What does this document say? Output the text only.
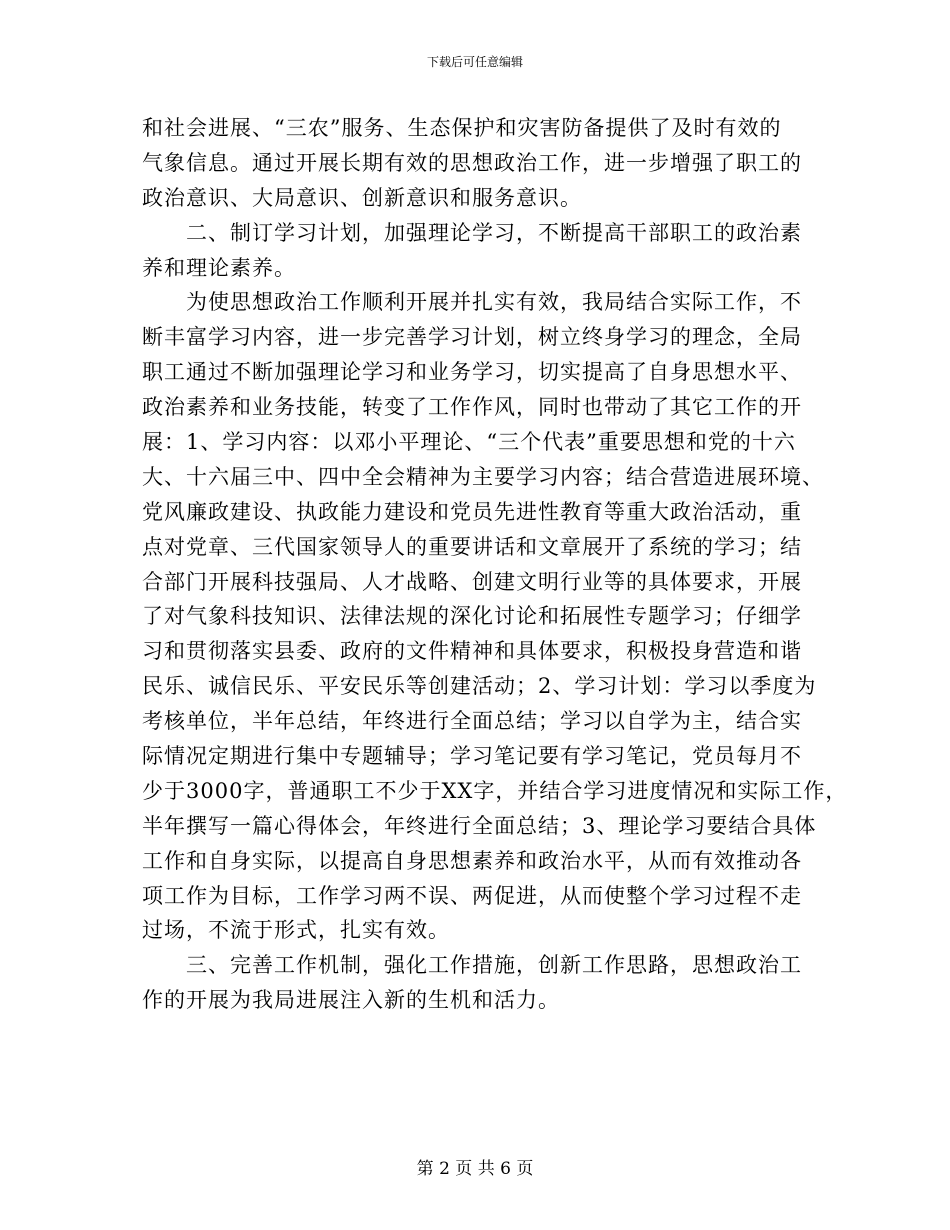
下载后可任意编辑
和社会进展、“三农”服务、生态保护和灾害防备提供了及时有效的
气象信息。通过开展长期有效的思想政治工作，进一步增强了职工的
政治意识、大局意识、创新意识和服务意识。
　　二、制订学习计划，加强理论学习，不断提高干部职工的政治素
养和理论素养。
　　为使思想政治工作顺利开展并扎实有效，我局结合实际工作，不
断丰富学习内容，进一步完善学习计划，树立终身学习的理念，全局
职工通过不断加强理论学习和业务学习，切实提高了自身思想水平、
政治素养和业务技能，转变了工作作风，同时也带动了其它工作的开
展：1、学习内容：以邓小平理论、“三个代表”重要思想和党的十六
大、十六届三中、四中全会精神为主要学习内容；结合营造进展环境、
党风廉政建设、执政能力建设和党员先进性教育等重大政治活动，重
点对党章、三代国家领导人的重要讲话和文章展开了系统的学习；结
合部门开展科技强局、人才战略、创建文明行业等的具体要求，开展
了对气象科技知识、法律法规的深化讨论和拓展性专题学习；仔细学
习和贯彻落实县委、政府的文件精神和具体要求，积极投身营造和谐
民乐、诚信民乐、平安民乐等创建活动；2、学习计划：学习以季度为
考核单位，半年总结，年终进行全面总结；学习以自学为主，结合实
际情况定期进行集中专题辅导；学习笔记要有学习笔记，党员每月不
少于3000字，普通职工不少于XX字，并结合学习进度情况和实际工作，
半年撰写一篇心得体会，年终进行全面总结；3、理论学习要结合具体
工作和自身实际，以提高自身思想素养和政治水平，从而有效推动各
项工作为目标，工作学习两不误、两促进，从而使整个学习过程不走
过场，不流于形式，扎实有效。
　　三、完善工作机制，强化工作措施，创新工作思路，思想政治工
作的开展为我局进展注入新的生机和活力。
第 2 页 共 6 页
